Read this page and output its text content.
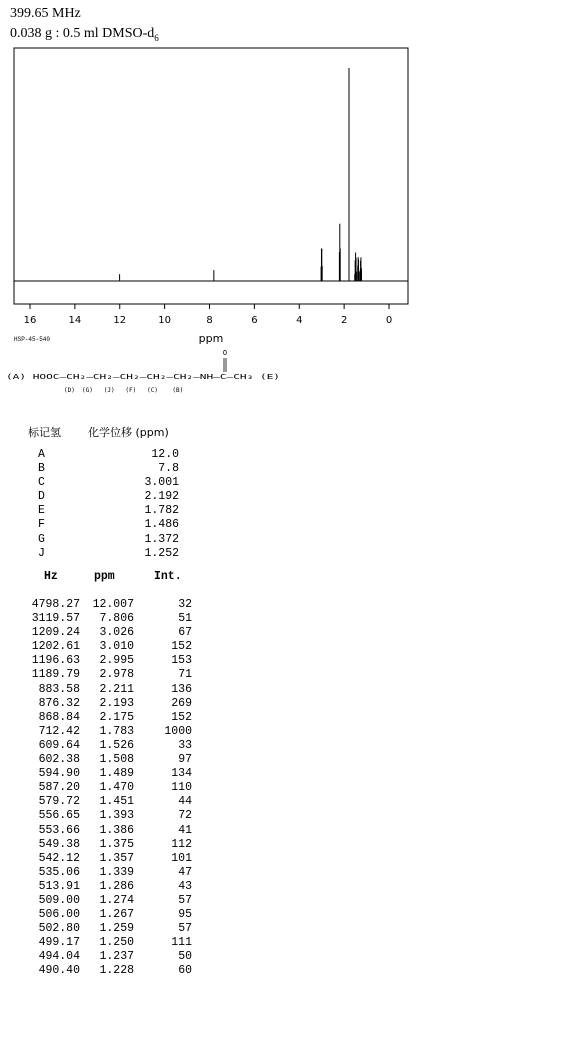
399.65 MHz
0.038 g : 0.5 ml DMSO-$d_6$
16	14	12	10	8	6	4	2	0
ppm
HSP-45-540
O
(A) HOOC—CH₂—CH₂—CH₂—CH₂—CH₂—NH—C—CH₃ (E)
(D)  (G)   (J)   (F)   (C)    (B)
标记氢 化学位移 (ppm)
A	12.0
B	7.8
C	3.001
D	2.192
E	1.782
F	1.486
G	1.372
J	1.252
Hz	ppm	Int.
4798.27 12.007	32
3119.57 7.806	51
1209.24 3.026	67
1202.61 3.010	152
1196.63 2.995	153
1189.79 2.978	71
883.58 2.211	136
876.32 2.193	269
868.84 2.175	152
712.42 1.783	1000
609.64 1.526	33
602.38 1.508	97
594.90 1.489	134
587.20 1.470	110
579.72 1.451	44
556.65 1.393	72
553.66 1.386	41
549.38 1.375	112
542.12 1.357	101
535.06 1.339	47
513.91 1.286	43
509.00 1.274	57
506.00 1.267	95
502.80 1.259	57
499.17 1.250	111
494.04 1.237	50
490.40 1.228	60
